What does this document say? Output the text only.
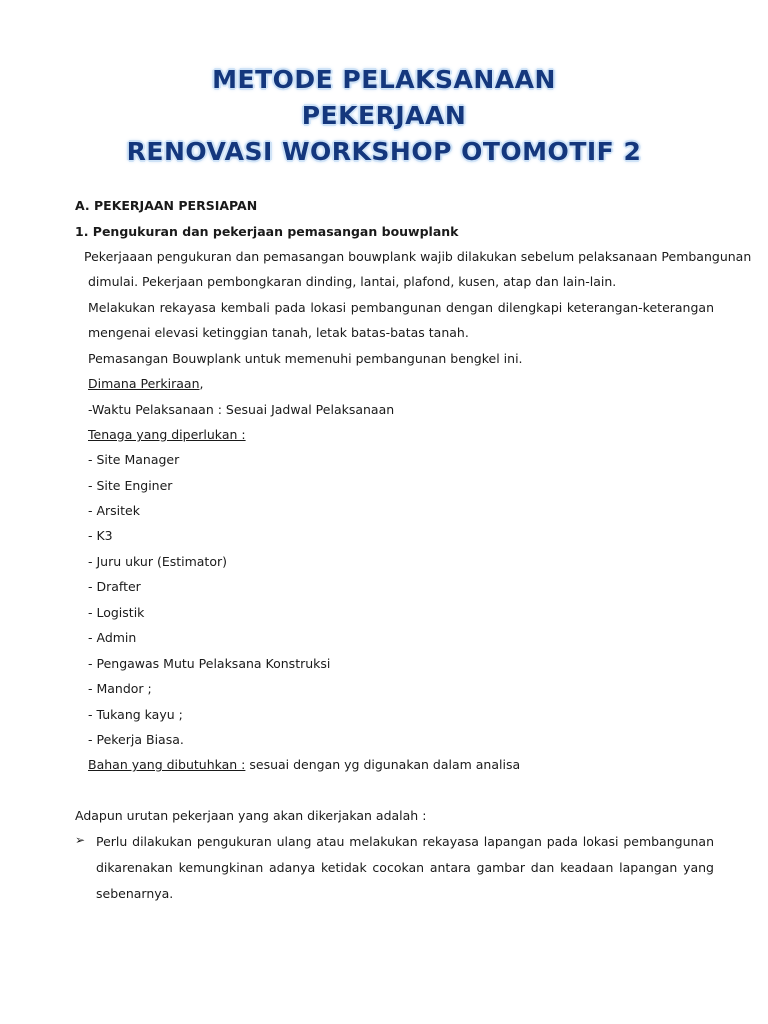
METODE PELAKSANAAN
PEKERJAAN
RENOVASI WORKSHOP OTOMOTIF 2
A. PEKERJAAN PERSIAPAN
1. Pengukuran dan pekerjaan pemasangan bouwplank
Pekerjaaan pengukuran dan pemasangan bouwplank wajib dilakukan sebelum pelaksanaan Pembangunan
dimulai. Pekerjaan pembongkaran dinding, lantai, plafond, kusen, atap dan lain-lain.
Melakukan rekayasa kembali pada lokasi pembangunan dengan dilengkapi keterangan-keterangan
mengenai elevasi ketinggian tanah, letak batas-batas tanah.
Pemasangan Bouwplank untuk memenuhi pembangunan bengkel ini.
Dimana Perkiraan,
-Waktu Pelaksanaan : Sesuai Jadwal Pelaksanaan
Tenaga yang diperlukan :
- Site Manager
- Site Enginer
- Arsitek
- K3
- Juru ukur (Estimator)
- Drafter
- Logistik
- Admin
- Pengawas Mutu Pelaksana Konstruksi
- Mandor ;
- Tukang kayu ;
- Pekerja Biasa.
Bahan yang dibutuhkan : sesuai dengan yg digunakan dalam analisa
Adapun urutan pekerjaan yang akan dikerjakan adalah :
➢ Perlu dilakukan pengukuran ulang atau melakukan rekayasa lapangan pada lokasi pembangunan
dikarenakan kemungkinan adanya ketidak cocokan antara gambar dan keadaan lapangan yang
sebenarnya.
